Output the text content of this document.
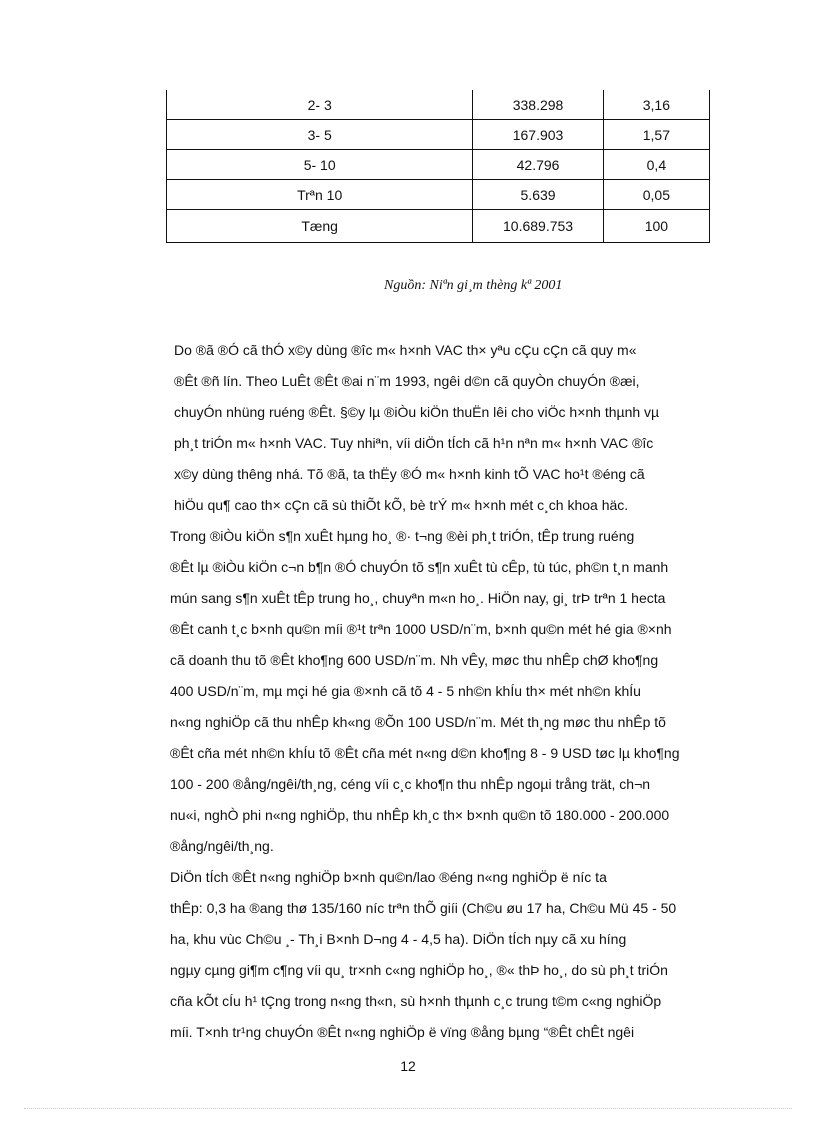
2- 3	338.298	3,16
3- 5	167.903	1,57
5- 10	42.796	0,4
Trªn 10	5.639	0,05
Tæng	10.689.753	100
Nguồn: Niªn gi¸m thèng kª 2001

Do ®ã ®Ó cã thÓ x©y dùng ®îc m« h×nh VAC th× yªu cÇu cÇn cã quy m«
®Êt ®ñ lín. Theo LuÊt ®Êt ®ai n¨m 1993, ngêi d©n cã quyÒn chuyÓn ®æi,
chuyÓn nhüng ruéng ®Êt. §©y lµ ®iÒu kiÖn thuËn lêi cho viÖc h×nh thµnh vµ
ph¸t triÓn m« h×nh VAC. Tuy nhiªn, víi diÖn tÍch cã h¹n nªn m« h×nh VAC ®îc
x©y dùng thêng nhá. Tõ ®ã, ta thËy ®Ó m« h×nh kinh tÕ VAC ho¹t ®éng cã
hiÖu qu¶ cao th× cÇn cã sù thiÕt kÕ, bè trÝ m« h×nh mét c¸ch khoa häc.

Trong ®iÒu kiÖn s¶n xuÊt hµng ho¸ ®· t¬ng ®èi ph¸t triÓn, tÊp trung ruéng
®Êt lµ ®iÒu kiÖn c¬n b¶n ®Ó chuyÓn tõ s¶n xuÊt tù cÊp, tù túc, ph©n t¸n manh
mún sang s¶n xuÊt tÊp trung ho¸, chuyªn m«n ho¸. HiÖn nay, gi¸ trÞ trªn 1 hecta
®Êt canh t¸c b×nh qu©n míi ®¹t trªn 1000 USD/n¨m, b×nh qu©n mét hé gia ®×nh
cã doanh thu tõ ®Êt kho¶ng 600 USD/n¨m. Nh vÊy, møc thu nhÊp chØ kho¶ng
400 USD/n¨m, mµ mçi hé gia ®×nh cã tõ 4 - 5 nh©n khÍu th× mét nh©n khÍu
n«ng nghiÖp cã thu nhÊp kh«ng ®Õn 100 USD/n¨m. Mét th¸ng møc thu nhÊp tõ
®Êt cña mét nh©n khÍu tõ ®Êt cña mét n«ng d©n kho¶ng 8 - 9 USD tøc lµ kho¶ng
100 - 200 ®ång/ngêi/th¸ng, céng víi c¸c kho¶n thu nhÊp ngoµi trång trät, ch¬n
nu«i, nghÒ phi n«ng nghiÖp, thu nhÊp kh¸c th× b×nh qu©n tõ 180.000 - 200.000
®ång/ngêi/th¸ng.

DiÖn tÍch ®Êt n«ng nghiÖp b×nh qu©n/lao ®éng n«ng nghiÖp ë níc ta
thÊp: 0,3 ha ®ang thø 135/160 níc trªn thÕ giíi (Ch©u øu 17 ha, Ch©u Mü 45 - 50
ha, khu vùc Ch©u ¸- Th¸i B×nh D¬ng 4 - 4,5 ha). DiÖn tÍch nµy cã xu híng
ngµy cµng gi¶m c¶ng víi qu¸ tr×nh c«ng nghiÖp ho¸, ®« thÞ ho¸, do sù ph¸t triÓn
cña kÕt cÍu h¹ tÇng trong n«ng th«n, sù h×nh thµnh c¸c trung t©m c«ng nghiÖp
míi. T×nh tr¹ng chuyÓn ®Êt n«ng nghiÖp ë vïng ®ång bµng “®Êt chÊt ngêi

12
